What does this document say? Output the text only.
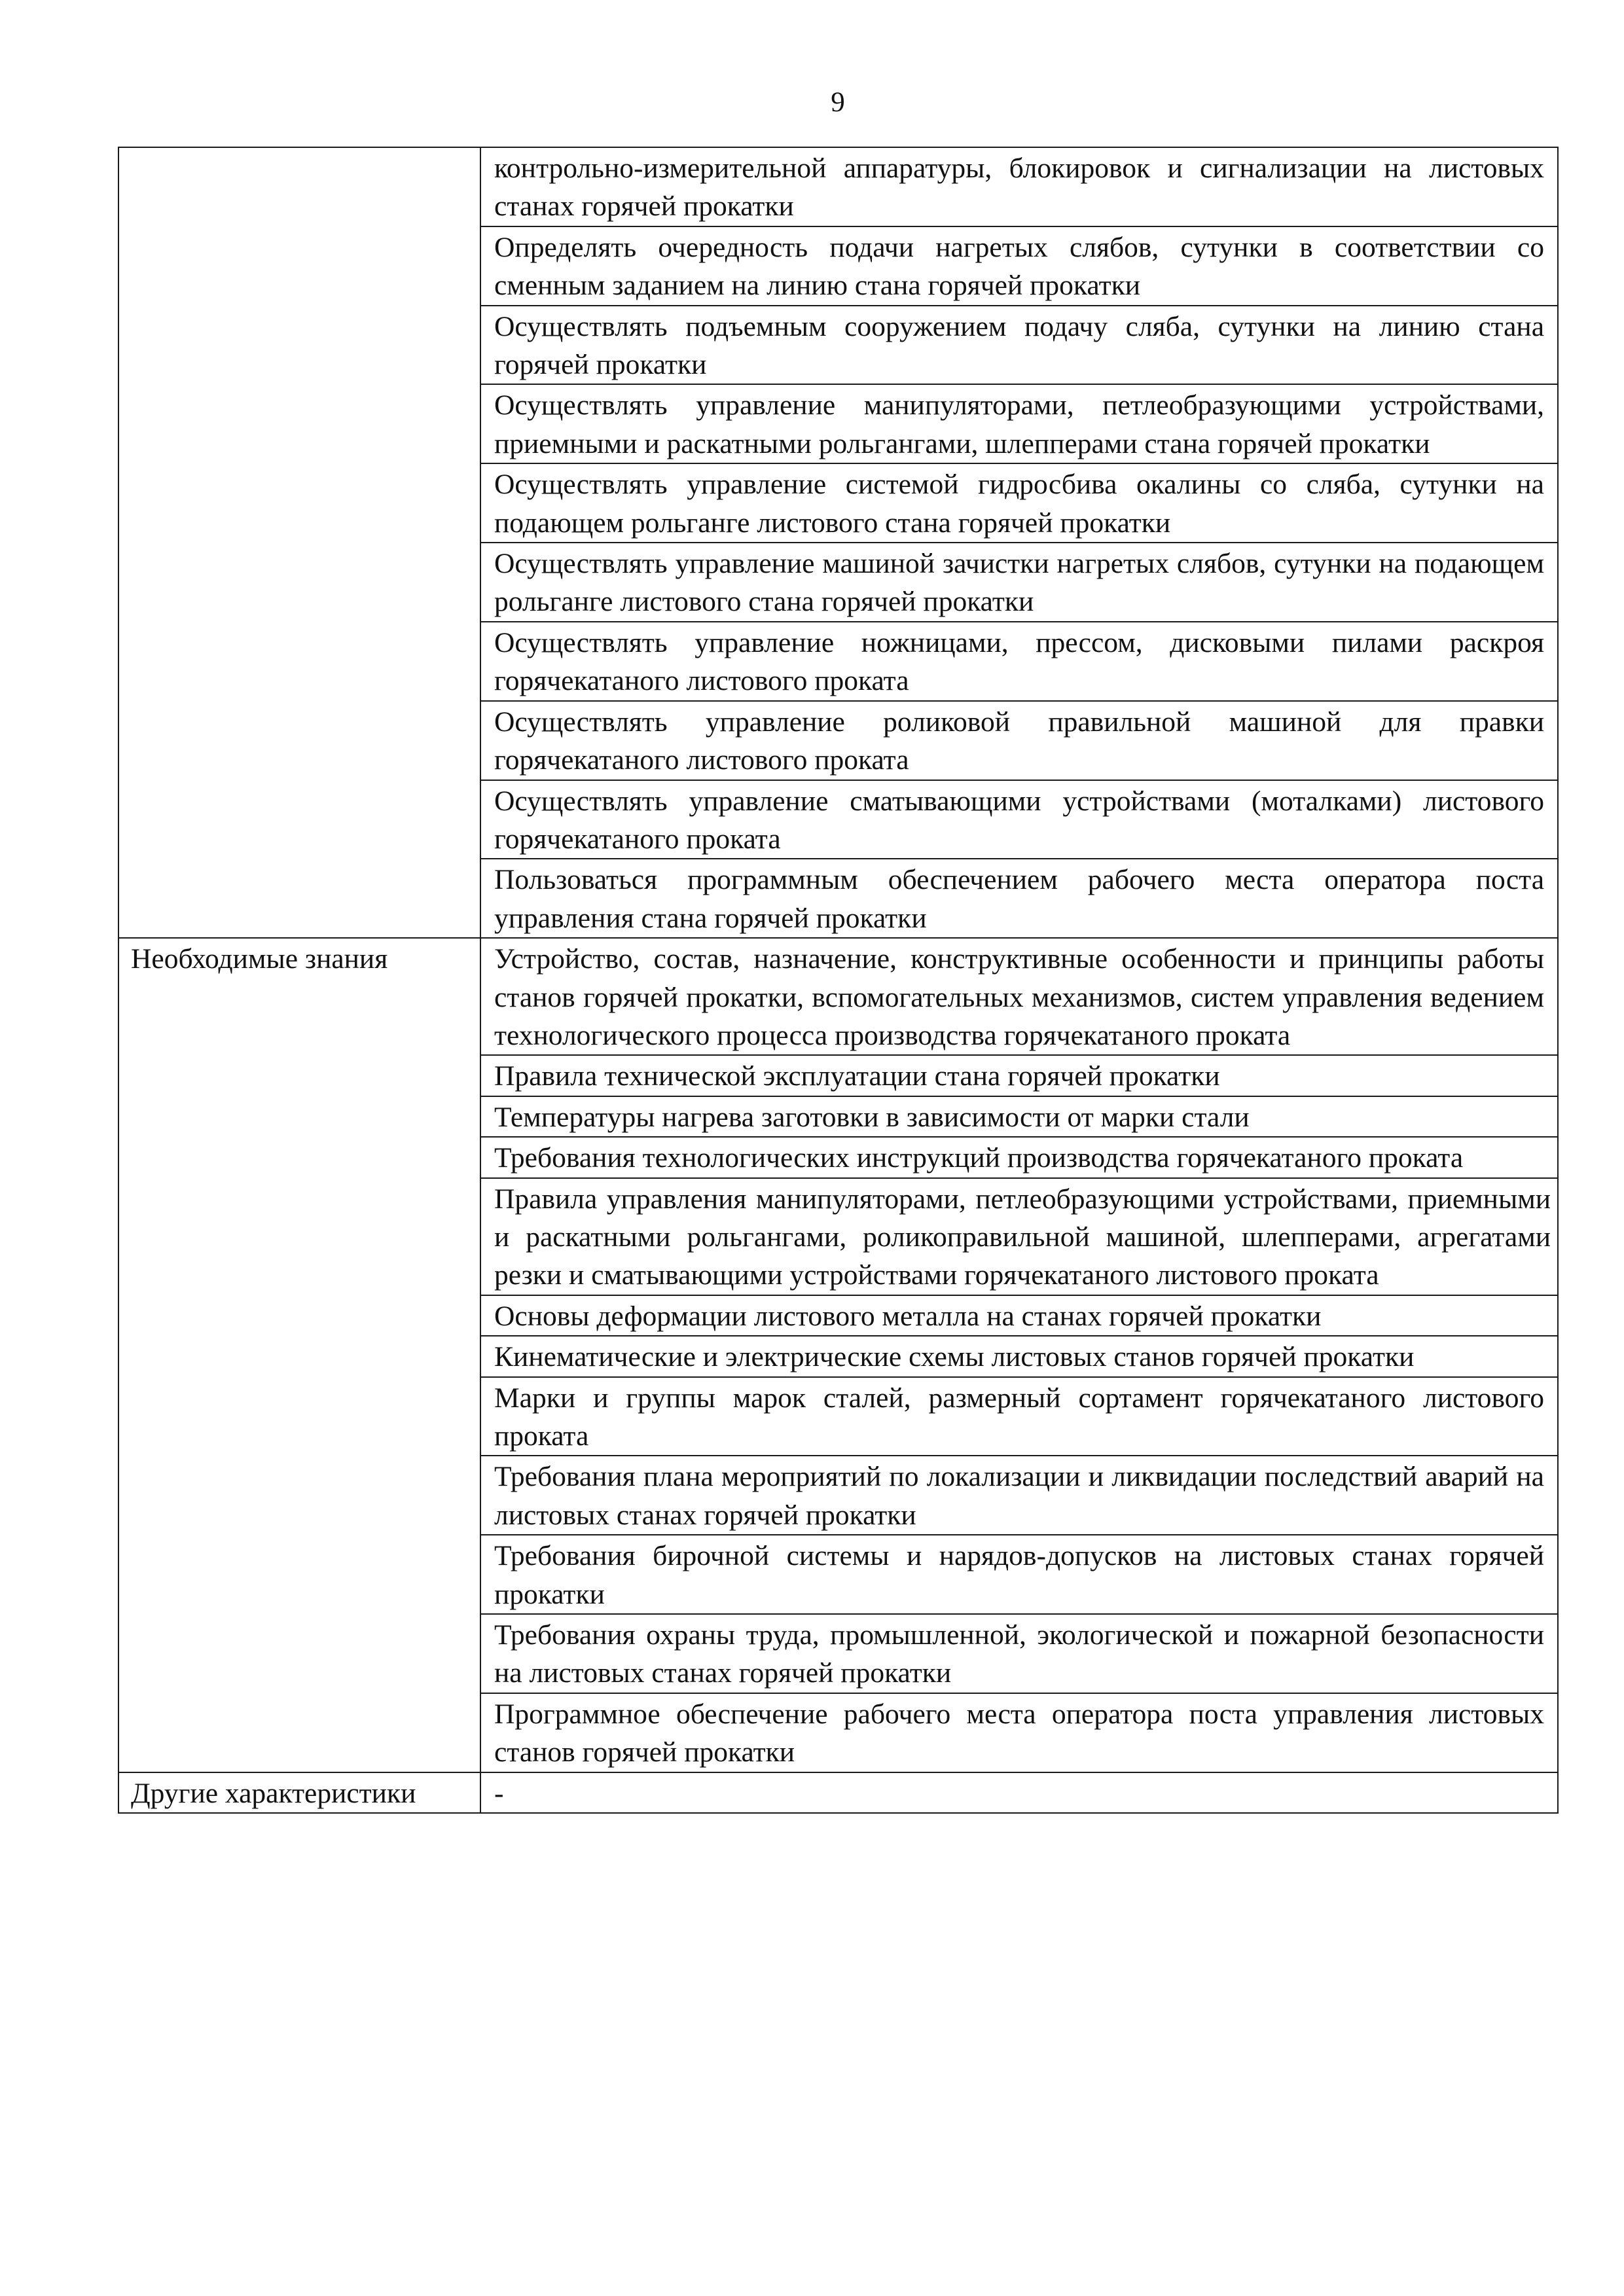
9

	контрольно-измерительной аппаратуры, блокировок и сигнализации на листовых станах горячей прокатки

	Определять очередность подачи нагретых слябов, сутунки в соответствии со сменным заданием на линию стана горячей прокатки

	Осуществлять подъемным сооружением подачу сляба, сутунки на линию стана горячей прокатки

	Осуществлять управление манипуляторами, петлеобразующими устройствами, приемными и раскатными рольгангами, шлепперами стана горячей прокатки

	Осуществлять управление системой гидросбива окалины со сляба, сутунки на подающем рольганге листового стана горячей прокатки

	Осуществлять управление машиной зачистки нагретых слябов, сутунки на подающем рольганге листового стана горячей прокатки

	Осуществлять управление ножницами, прессом, дисковыми пилами раскроя горячекатаного листового проката

	Осуществлять управление роликовой правильной машиной для правки горячекатаного листового проката

	Осуществлять управление сматывающими устройствами (моталками) листового горячекатаного проката

	Пользоваться программным обеспечением рабочего места оператора поста управления стана горячей прокатки

Необходимые знания	Устройство, состав, назначение, конструктивные особенности и принципы работы станов горячей прокатки, вспомогательных механизмов, систем управления ведением технологического процесса производства горячекатаного проката

	Правила технической эксплуатации стана горячей прокатки

	Температуры нагрева заготовки в зависимости от марки стали

	Требования технологических инструкций производства горячекатаного проката

	Правила управления манипуляторами, петлеобразующими устройствами, приемными и раскатными рольгангами, роликоправильной машиной, шлепперами, агрегатами резки и сматывающими устройствами горячекатаного листового проката

	Основы деформации листового металла на станах горячей прокатки

	Кинематические и электрические схемы листовых станов горячей прокатки

	Марки и группы марок сталей, размерный сортамент горячекатаного листового проката

	Требования плана мероприятий по локализации и ликвидации последствий аварий на листовых станах горячей прокатки

	Требования бирочной системы и нарядов-допусков на листовых станах горячей прокатки

	Требования охраны труда, промышленной, экологической и пожарной безопасности на листовых станах горячей прокатки

	Программное обеспечение рабочего места оператора поста управления листовых станов горячей прокатки

Другие характеристики	-
